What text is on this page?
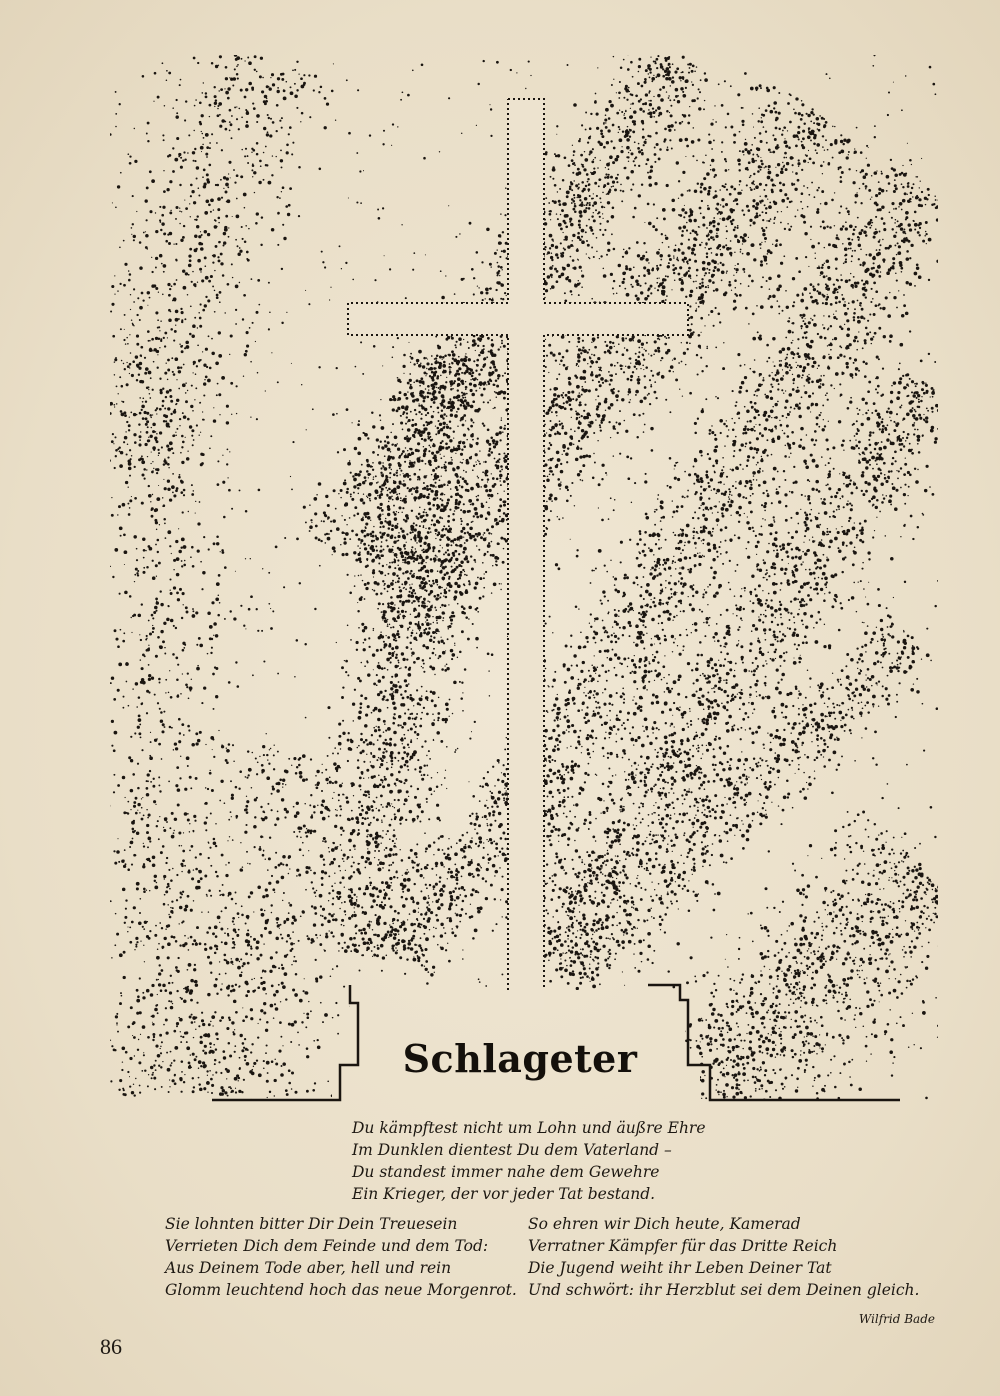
Schlageter
Du kämpftest nicht um Lohn und äußre Ehre
Im Dunklen dientest Du dem Vaterland –
Du standest immer nahe dem Gewehre
Ein Krieger, der vor jeder Tat bestand.
Sie lohnten bitter Dir Dein Treuesein
Verrieten Dich dem Feinde und dem Tod:
Aus Deinem Tode aber, hell und rein
Glomm leuchtend hoch das neue Morgenrot.
So ehren wir Dich heute, Kamerad
Verratner Kämpfer für das Dritte Reich
Die Jugend weiht ihr Leben Deiner Tat
Und schwört: ihr Herzblut sei dem Deinen gleich.
Wilfrid Bade
86
